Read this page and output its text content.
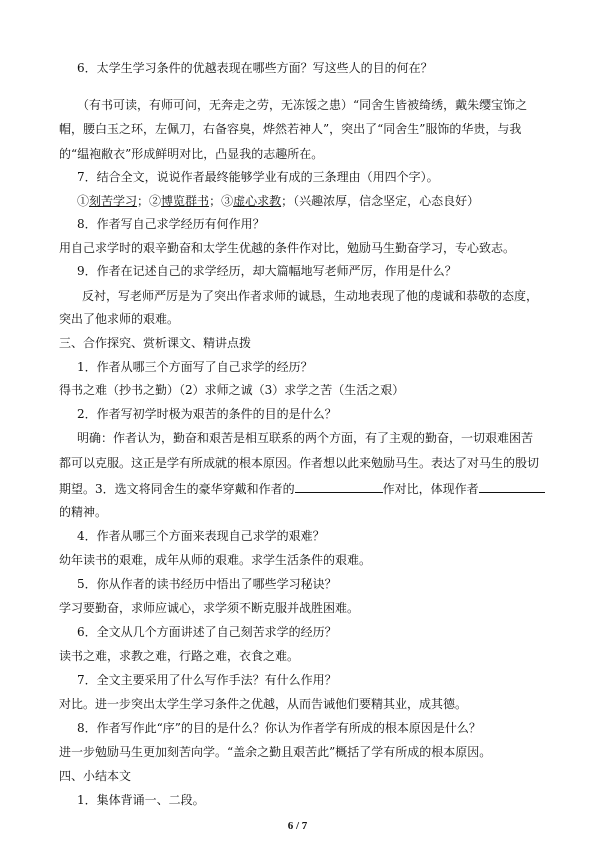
6．太学生学习条件的优越表现在哪些方面？写这些人的目的何在？
（有书可读，有师可问，无奔走之劳，无冻馁之患）“同舍生皆被绮绣，戴朱缨宝饰之
帽，腰白玉之环，左佩刀，右备容臭，烨然若神人”，突出了“同舍生”服饰的华贵，与我
的“缊袍敝衣”形成鲜明对比，凸显我的志趣所在。
7．结合全文，说说作者最终能够学业有成的三条理由（用四个字）。
①刻苦学习；②博览群书；③虚心求教；（兴趣浓厚，信念坚定，心态良好）
8．作者写自己求学经历有何作用？
用自己求学时的艰辛勤奋和太学生优越的条件作对比，勉励马生勤奋学习，专心致志。
9．作者在记述自己的求学经历，却大篇幅地写老师严厉，作用是什么？
反衬，写老师严厉是为了突出作者求师的诚恳，生动地表现了他的虔诚和恭敬的态度，
突出了他求师的艰难。
三、合作探究、赏析课文、精讲点拨
1．作者从哪三个方面写了自己求学的经历？
得书之难（抄书之勤）（2）求师之诚（3）求学之苦（生活之艰）
2．作者写初学时极为艰苦的条件的目的是什么？
明确：作者认为，勤奋和艰苦是相互联系的两个方面，有了主观的勤奋，一切艰难困苦
都可以克服。这正是学有所成就的根本原因。作者想以此来勉励马生。表达了对马生的殷切
期望。3．选文将同舍生的豪华穿戴和作者的	作对比，体现作者
的精神。
4．作者从哪三个方面来表现自己求学的艰难？
幼年读书的艰难，成年从师的艰难。求学生活条件的艰难。
5．你从作者的读书经历中悟出了哪些学习秘诀？
学习要勤奋，求师应诚心，求学须不断克服并战胜困难。
6．全文从几个方面讲述了自己刻苦求学的经历？
读书之难，求教之难，行路之难，衣食之难。
7．全文主要采用了什么写作手法？有什么作用？
对比。进一步突出太学生学习条件之优越，从而告诫他们要精其业，成其德。
8．作者写作此“序”的目的是什么？你认为作者学有所成的根本原因是什么？
进一步勉励马生更加刻苦向学。“盖余之勤且艰苦此”概括了学有所成的根本原因。
四、小结本文
1．集体背诵一、二段。
6 / 7
